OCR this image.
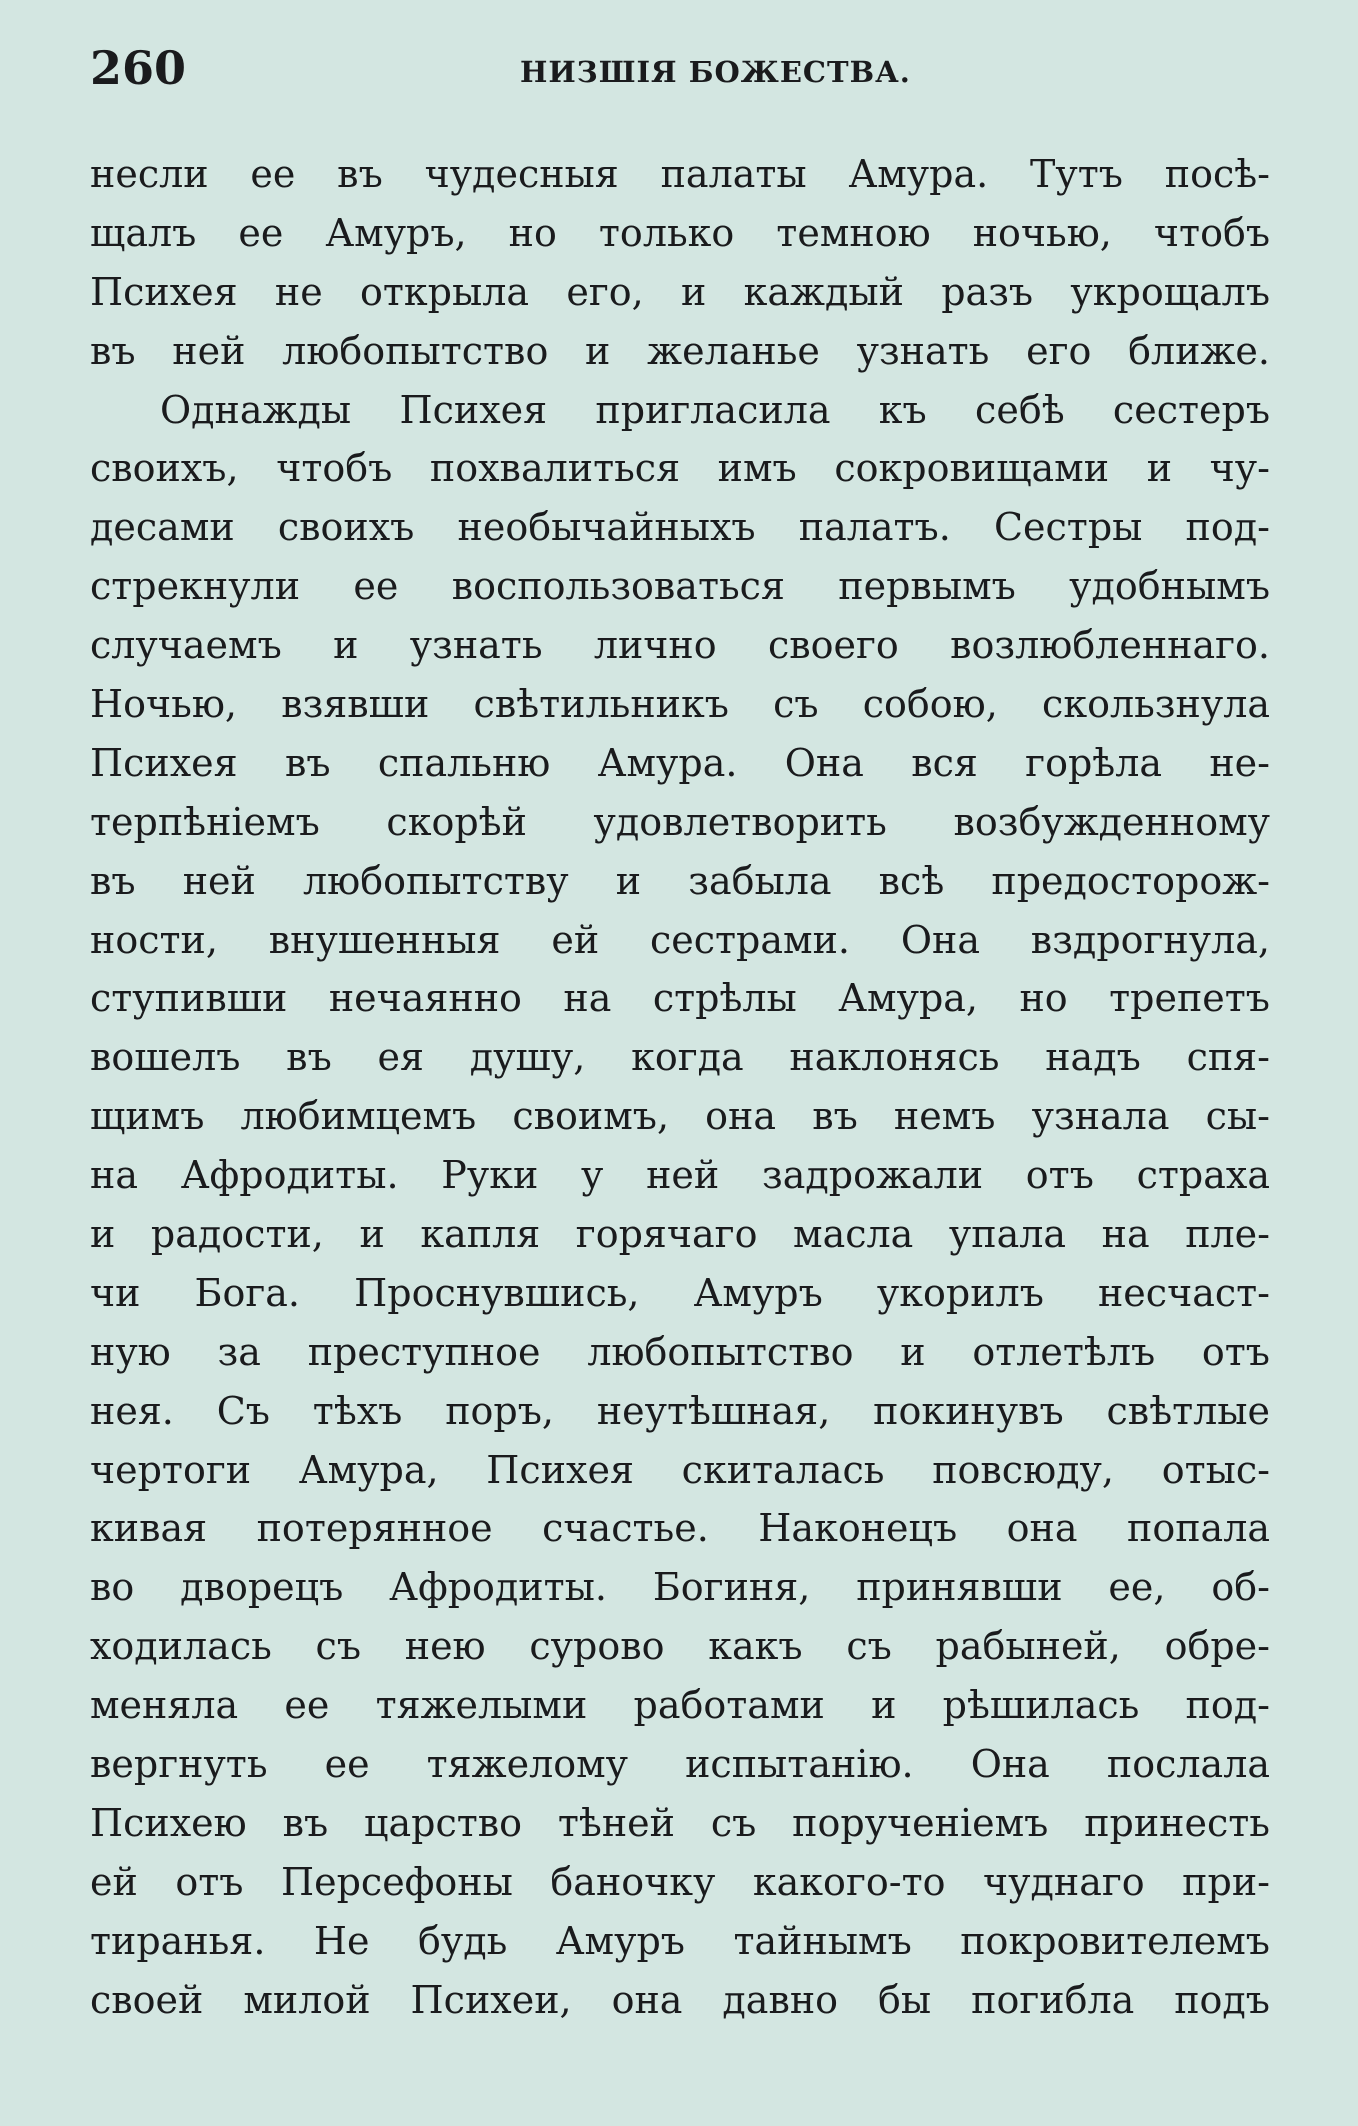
260	НИЗШІЯ БОЖЕСТВА.
несли ее въ чудесныя палаты Амура. Тутъ посѣ-
щалъ ее Амуръ, но только темною ночью, чтобъ
Психея не открыла его, и каждый разъ укрощалъ
въ ней любопытство и желанье узнать его ближе.
Однажды Психея пригласила къ себѣ сестеръ
своихъ, чтобъ похвалиться имъ сокровищами и чу-
десами своихъ необычайныхъ палатъ. Сестры под-
стрекнули ее воспользоваться первымъ удобнымъ
случаемъ и узнать лично своего возлюбленнаго.
Ночью, взявши свѣтильникъ съ собою, скользнула
Психея въ спальню Амура. Она вся горѣла не-
терпѣніемъ скорѣй удовлетворить возбужденному
въ ней любопытству и забыла всѣ предосторож-
ности, внушенныя ей сестрами. Она вздрогнула,
ступивши нечаянно на стрѣлы Амура, но трепетъ
вошелъ въ ея душу, когда наклонясь надъ спя-
щимъ любимцемъ своимъ, она въ немъ узнала сы-
на Афродиты. Руки у ней задрожали отъ страха
и радости, и капля горячаго масла упала на пле-
чи Бога. Проснувшись, Амуръ укорилъ несчаст-
ную за преступное любопытство и отлетѣлъ отъ
нея. Съ тѣхъ поръ, неутѣшная, покинувъ свѣтлые
чертоги Амура, Психея скиталась повсюду, отыс-
кивая потерянное счастье. Наконецъ она попала
во дворецъ Афродиты. Богиня, принявши ее, об-
ходилась съ нею сурово какъ съ рабыней, обре-
меняла ее тяжелыми работами и рѣшилась под-
вергнуть ее тяжелому испытанію. Она послала
Психею въ царство тѣней съ порученіемъ принесть
ей отъ Персефоны баночку какого-то чуднаго при-
тиранья. Не будь Амуръ тайнымъ покровителемъ
своей милой Психеи, она давно бы погибла подъ
